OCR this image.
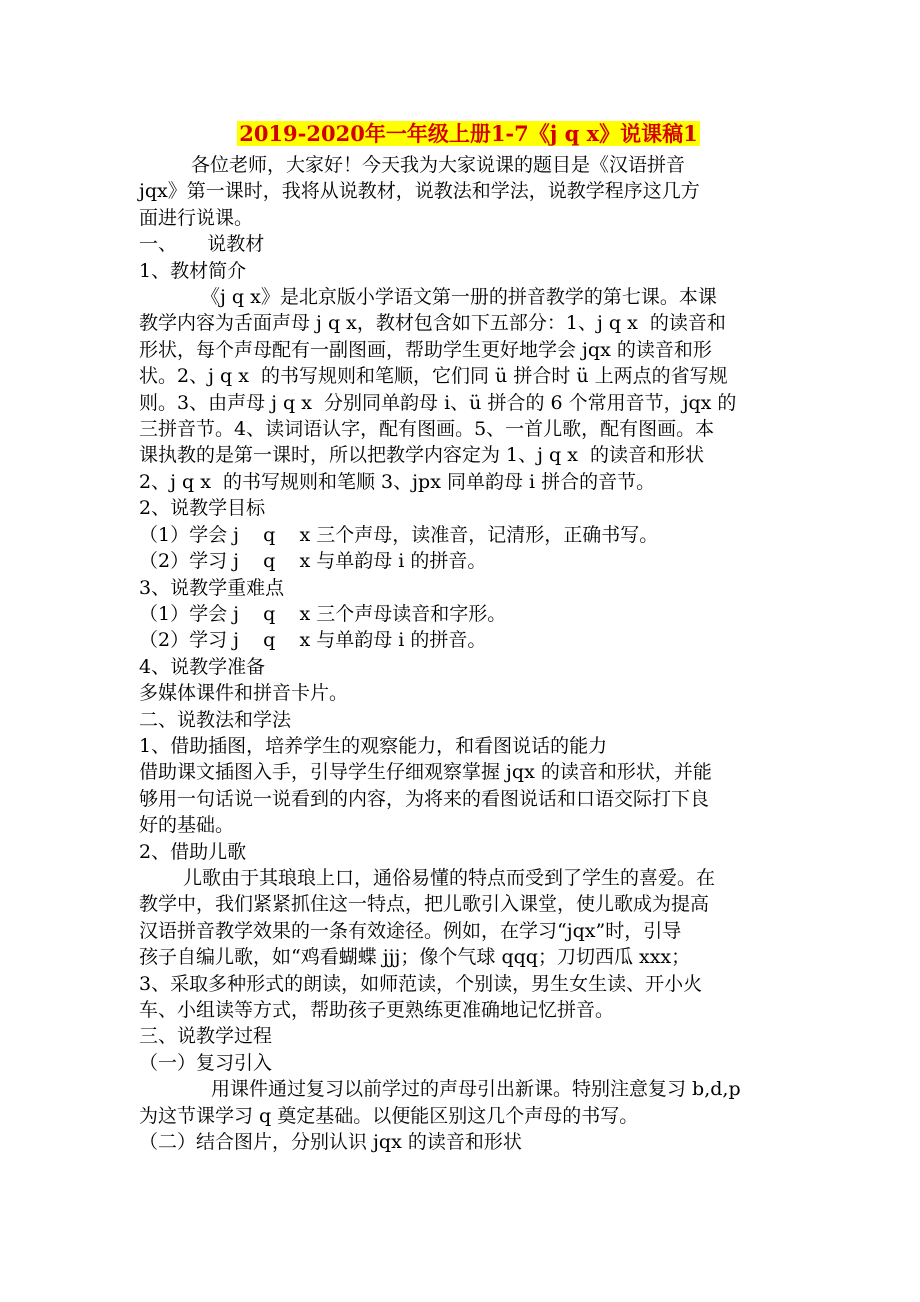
2019-2020年一年级上册1-7《j q x》说课稿1

各位老师，大家好！今天我为大家说课的题目是《汉语拼音

jqx》第一课时，我将从说教材，说教法和学法，说教学程序这几方

面进行说课。

一、     说教材

1、教材简介

《j q x》是北京版小学语文第一册的拼音教学的第七课。本课

教学内容为舌面声母 j q x，教材包含如下五部分：1、j q x  的读音和

形状，每个声母配有一副图画，帮助学生更好地学会 jqx 的读音和形

状。2、j q x  的书写规则和笔顺，它们同 ü 拼合时 ü 上两点的省写规

则。3、由声母 j q x  分别同单韵母 i、ü 拼合的 6 个常用音节，jqx 的

三拼音节。4、读词语认字，配有图画。5、一首儿歌，配有图画。本

课执教的是第一课时，所以把教学内容定为 1、j q x  的读音和形状

2、j q x  的书写规则和笔顺 3、jpx 同单韵母 i 拼合的音节。

2、说教学目标

（1）学会 j    q    x 三个声母，读准音，记清形，正确书写。

（2）学习 j    q    x 与单韵母 i 的拼音。

3、说教学重难点

（1）学会 j    q    x 三个声母读音和字形。

（2）学习 j    q    x 与单韵母 i 的拼音。

4、说教学准备

多媒体课件和拼音卡片。

二、说教法和学法

1、借助插图，培养学生的观察能力，和看图说话的能力

借助课文插图入手，引导学生仔细观察掌握 jqx 的读音和形状，并能

够用一句话说一说看到的内容，为将来的看图说话和口语交际打下良

好的基础。

2、借助儿歌

儿歌由于其琅琅上口，通俗易懂的特点而受到了学生的喜爱。在

教学中，我们紧紧抓住这一特点，把儿歌引入课堂，使儿歌成为提高

汉语拼音教学效果的一条有效途径。例如，在学习“jqx”时，引导

孩子自编儿歌，如“鸡看蝴蝶 jjj；像个气球 qqq；刀切西瓜 xxx；

3、采取多种形式的朗读，如师范读，个别读，男生女生读、开小火

车、小组读等方式，帮助孩子更熟练更准确地记忆拼音。

三、说教学过程

（一）复习引入

用课件通过复习以前学过的声母引出新课。特别注意复习 b,d,p

为这节课学习 q 奠定基础。以便能区别这几个声母的书写。

（二）结合图片，分别认识 jqx 的读音和形状
